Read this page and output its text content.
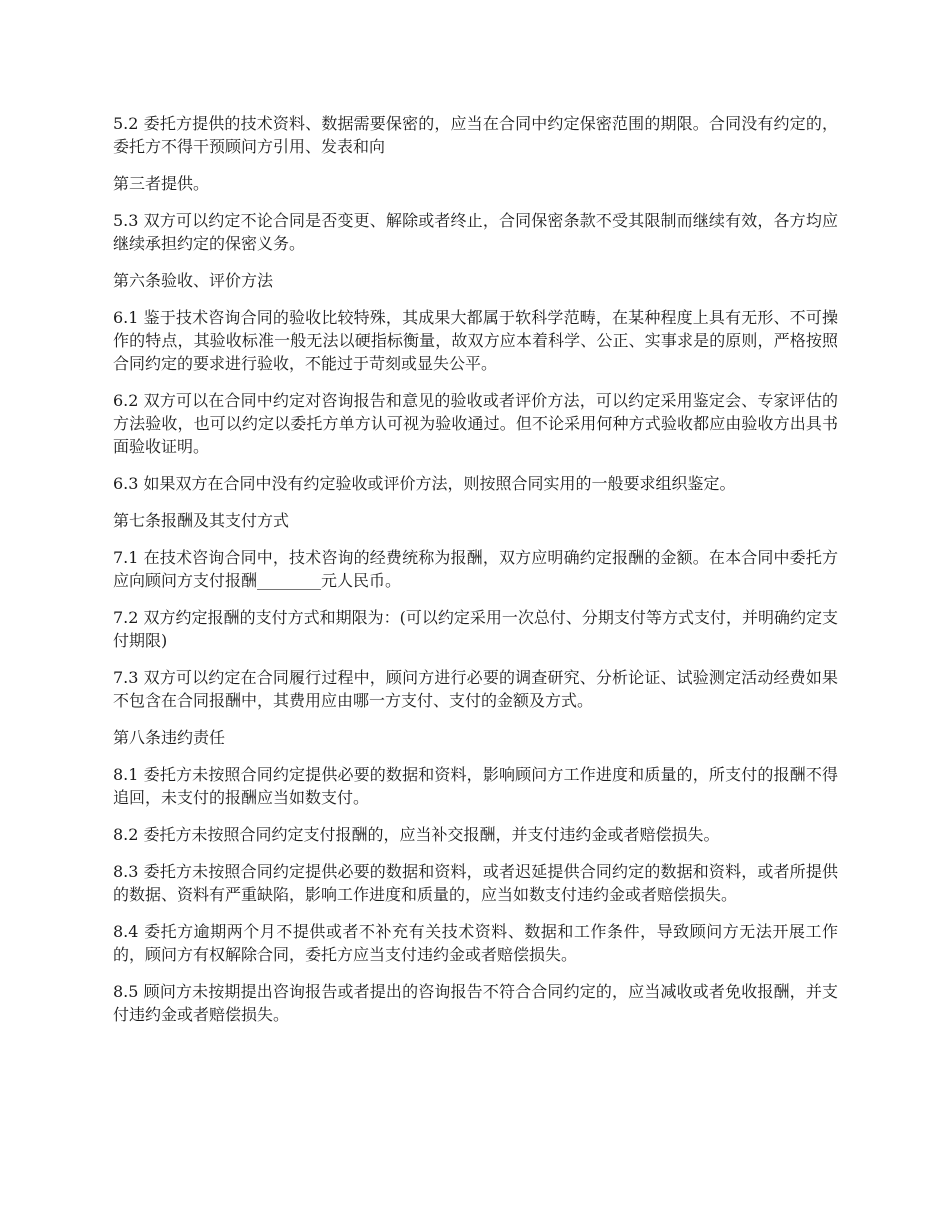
5.2 委托方提供的技术资料、数据需要保密的，应当在合同中约定保密范围的期限。合同没有约定的，委托方不得干预顾问方引用、发表和向

第三者提供。

5.3 双方可以约定不论合同是否变更、解除或者终止，合同保密条款不受其限制而继续有效，各方均应继续承担约定的保密义务。

第六条验收、评价方法

6.1 鉴于技术咨询合同的验收比较特殊，其成果大都属于软科学范畴，在某种程度上具有无形、不可操作的特点，其验收标准一般无法以硬指标衡量，故双方应本着科学、公正、实事求是的原则，严格按照合同约定的要求进行验收，不能过于苛刻或显失公平。

6.2 双方可以在合同中约定对咨询报告和意见的验收或者评价方法，可以约定采用鉴定会、专家评估的方法验收，也可以约定以委托方单方认可视为验收通过。但不论采用何种方式验收都应由验收方出具书面验收证明。

6.3 如果双方在合同中没有约定验收或评价方法，则按照合同实用的一般要求组织鉴定。

第七条报酬及其支付方式

7.1 在技术咨询合同中，技术咨询的经费统称为报酬，双方应明确约定报酬的金额。在本合同中委托方应向顾问方支付报酬________元人民币。

7.2 双方约定报酬的支付方式和期限为：(可以约定采用一次总付、分期支付等方式支付，并明确约定支付期限)

7.3 双方可以约定在合同履行过程中，顾问方进行必要的调查研究、分析论证、试验测定活动经费如果不包含在合同报酬中，其费用应由哪一方支付、支付的金额及方式。

第八条违约责任

8.1 委托方未按照合同约定提供必要的数据和资料，影响顾问方工作进度和质量的，所支付的报酬不得追回，未支付的报酬应当如数支付。

8.2 委托方未按照合同约定支付报酬的，应当补交报酬，并支付违约金或者赔偿损失。

8.3 委托方未按照合同约定提供必要的数据和资料，或者迟延提供合同约定的数据和资料，或者所提供的数据、资料有严重缺陷，影响工作进度和质量的，应当如数支付违约金或者赔偿损失。

8.4 委托方逾期两个月不提供或者不补充有关技术资料、数据和工作条件，导致顾问方无法开展工作的，顾问方有权解除合同，委托方应当支付违约金或者赔偿损失。

8.5 顾问方未按期提出咨询报告或者提出的咨询报告不符合合同约定的，应当减收或者免收报酬，并支付违约金或者赔偿损失。
